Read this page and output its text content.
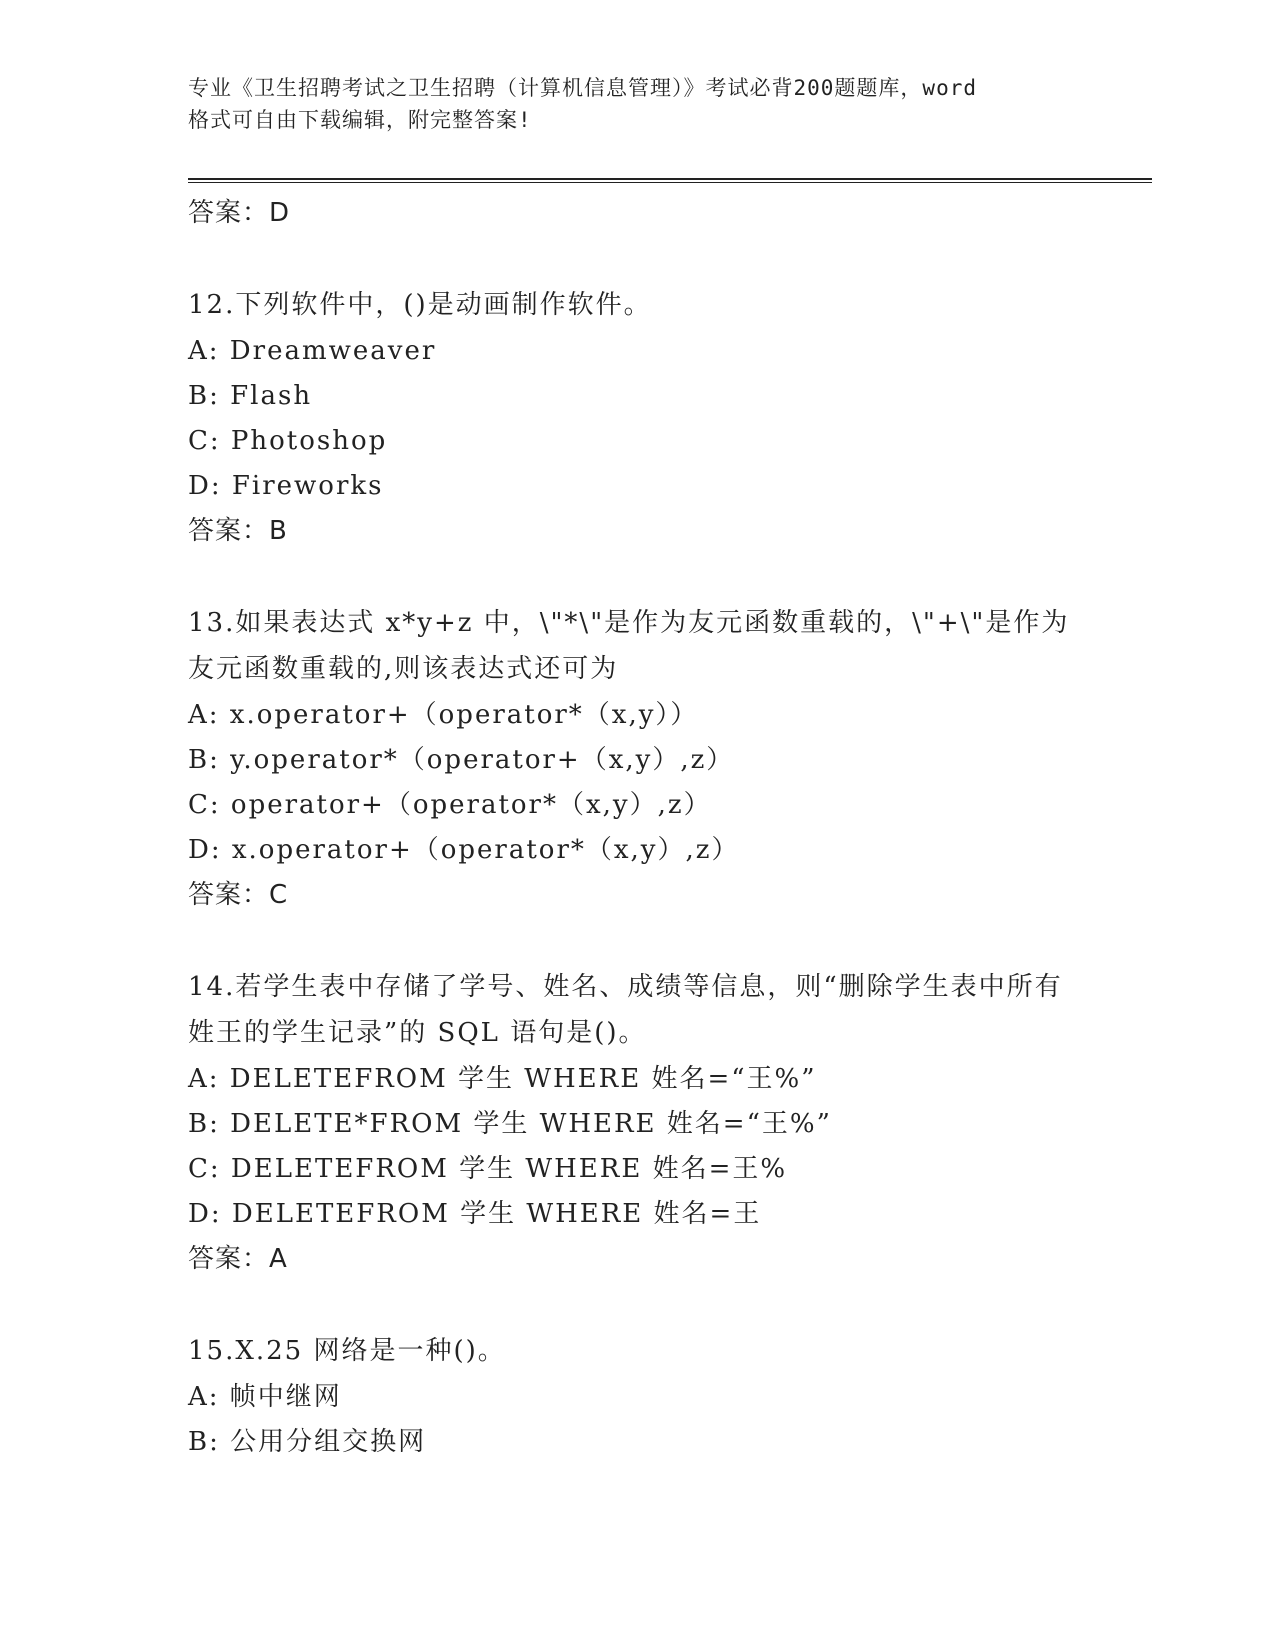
专业《卫生招聘考试之卫生招聘（计算机信息管理）》考试必背200题题库，word
格式可自由下载编辑，附完整答案!
答案：D
12.下列软件中，()是动画制作软件。
A: Dreamweaver
B: Flash
C: Photoshop
D: Fireworks
答案：B
13.如果表达式 x*y+z 中，\"*\"是作为友元函数重载的，\"+\"是作为友元函数重载的,则该表达式还可为
A: x.operator+（operator*（x,y））
B: y.operator*（operator+（x,y）,z）
C: operator+（operator*（x,y）,z）
D: x.operator+（operator*（x,y）,z）
答案：C
14.若学生表中存储了学号、姓名、成绩等信息，则“删除学生表中所有姓王的学生记录”的 SQL 语句是()。
A: DELETEFROM 学生 WHERE 姓名=“王%”
B: DELETE*FROM 学生 WHERE 姓名=“王%”
C: DELETEFROM 学生 WHERE 姓名=王%
D: DELETEFROM 学生 WHERE 姓名=王
答案：A
15.X.25 网络是一种()。
A: 帧中继网
B: 公用分组交换网
